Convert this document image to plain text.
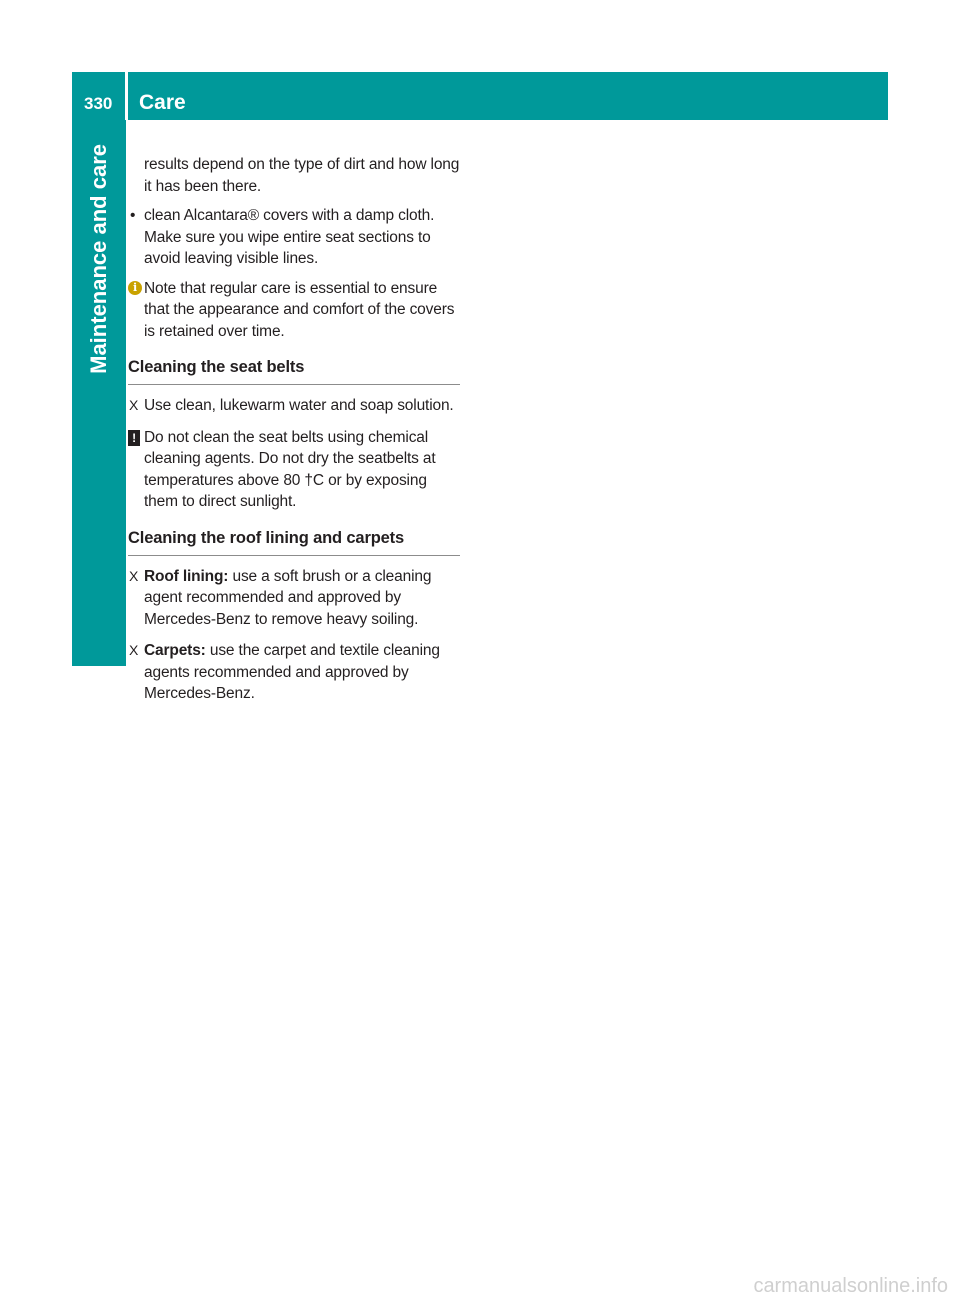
330	Care
Maintenance and care	results depend on the type of dirt and how long it has been there.

• clean Alcantara® covers with a damp cloth. Make sure you wipe entire seat sections to avoid leaving visible lines.
i Note that regular care is essential to ensure that the appearance and comfort of the covers is retained over time.
Cleaning the seat belts
X Use clean, lukewarm water and soap solution.
! Do not clean the seat belts using chemical cleaning agents. Do not dry the seatbelts at temperatures above 80 †C or by exposing them to direct sunlight.
Cleaning the roof lining and carpets
X Roof lining: use a soft brush or a cleaning agent recommended and approved by Mercedes-Benz to remove heavy soiling.
X Carpets: use the carpet and textile cleaning agents recommended and approved by Mercedes-Benz.
carmanualsonline.info
